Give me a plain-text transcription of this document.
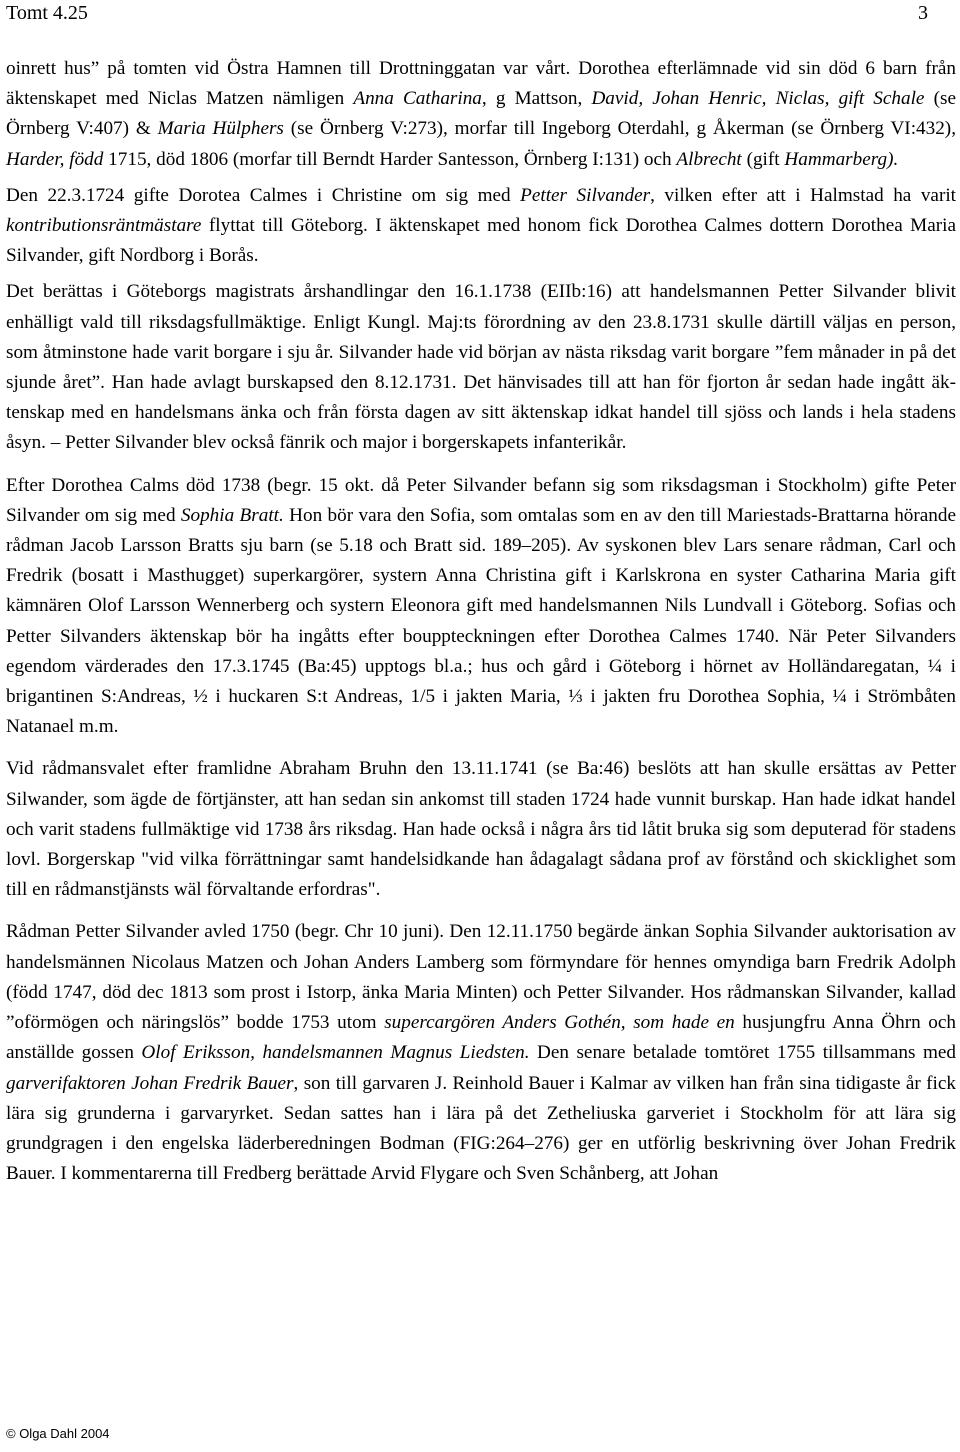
Tomt 4.25	3

oinrett hus” på tomten vid Östra Hamnen till Drottninggatan var vårt. Dorothea efterlämnade vid sin död 6 barn från äktenskapet med Niclas Matzen nämligen Anna Catharina, g Mattson, David, Johan Henric, Niclas, gift Schale (se Örnberg V:407) & Maria Hülphers (se Örnberg V:273), morfar till Ingeborg Oterdahl, g Åkerman (se Örnberg VI:432), Harder, född 1715, död 1806 (morfar till Berndt Harder Santesson, Örnberg I:131) och Albrecht (gift Hammarberg).

Den 22.3.1724 gifte Dorotea Calmes i Christine om sig med Petter Silvander, vilken efter att i Halmstad ha varit kontributionsräntmästare flyttat till Göteborg. I äktenskapet med honom fick Dorothea Calmes dottern Dorothea Maria Silvander, gift Nordborg i Borås.

Det berättas i Göteborgs magistrats årshandlingar den 16.1.1738 (EIIb:16) att handelsmannen Petter Silvander blivit enhälligt vald till riksdagsfullmäktige. Enligt Kungl. Maj:ts förordning av den 23.8.1731 skulle därtill väljas en person, som åtminstone hade varit borgare i sju år. Silvander hade vid början av nästa riksdag varit borgare ”fem månader in på det sjunde året”. Han hade avlagt burskapsed den 8.12.1731. Det hänvisades till att han för fjorton år sedan hade ingått äktenskap med en handelsmans änka och från första dagen av sitt äktenskap idkat handel till sjöss och lands i hela stadens åsyn. – Petter Silvander blev också fänrik och major i borgerskapets infanterikår.

Efter Dorothea Calms död 1738 (begr. 15 okt. då Peter Silvander befann sig som riksdagsman i Stockholm) gifte Peter Silvander om sig med Sophia Bratt. Hon bör vara den Sofia, som omtalas som en av den till Mariestads-Brattarna hörande rådman Jacob Larsson Bratts sju barn (se 5.18 och Bratt sid. 189–205). Av syskonen blev Lars senare rådman, Carl och Fredrik (bosatt i Masthugget) superkargörer, systern Anna Christina gift i Karlskrona en syster Catharina Maria gift kämnären Olof Larsson Wennerberg och systern Eleonora gift med handelsmannen Nils Lundvall i Göteborg. Sofias och Petter Silvanders äktenskap bör ha ingåtts efter bouppteckningen efter Dorothea Calmes 1740. När Peter Silvanders egendom värderades den 17.3.1745 (Ba:45) upptogs bl.a.; hus och gård i Göteborg i hörnet av Holländaregatan, ¼ i brigantinen S:Andreas, ½ i huckaren S:t Andreas, 1/5 i jakten Maria, ⅓ i jakten fru Dorothea Sophia, ¼ i Strömbåten Natanael m.m.

Vid rådmansvalet efter framlidne Abraham Bruhn den 13.11.1741 (se Ba:46) beslöts att han skulle ersättas av Petter Silwander, som ägde de förtjänster, att han sedan sin ankomst till staden 1724 hade vunnit burskap. Han hade idkat handel och varit stadens fullmäktige vid 1738 års riksdag. Han hade också i några års tid låtit bruka sig som deputerad för stadens lovl. Borgerskap "vid vilka förrättningar samt handelsidkande han ådagalagt sådana prof av förstånd och skicklighet som till en rådmanstjänsts wäl förvaltande erfordras".

Rådman Petter Silvander avled 1750 (begr. Chr 10 juni). Den 12.11.1750 begärde änkan Sophia Silvander auktorisation av handelsmännen Nicolaus Matzen och Johan Anders Lamberg som förmyndare för hennes omyndiga barn Fredrik Adolph (född 1747, död dec 1813 som prost i Istorp, änka Maria Minten) och Petter Silvander. Hos rådmanskan Silvander, kallad ”oförmögen och näringslös” bodde 1753 utom supercargören Anders Gothén, som hade en husjungfru Anna Öhrn och anställde gossen Olof Eriksson, handelsmannen Magnus Liedsten. Den senare betalade tomtöret 1755 tillsammans med garverifaktoren Johan Fredrik Bauer, son till garvaren J. Reinhold Bauer i Kalmar av vilken han från sina tidigaste år fick lära sig grunderna i garvaryrket. Sedan sattes han i lära på det Zetheliuska garveriet i Stockholm för att lära sig grundgragen i den engelska läderberedningen Bodman (FIG:264–276) ger en utförlig beskrivning över Johan Fredrik Bauer. I kommentarerna till Fredberg berättade Arvid Flygare och Sven Schånberg, att Johan

© Olga Dahl 2004
